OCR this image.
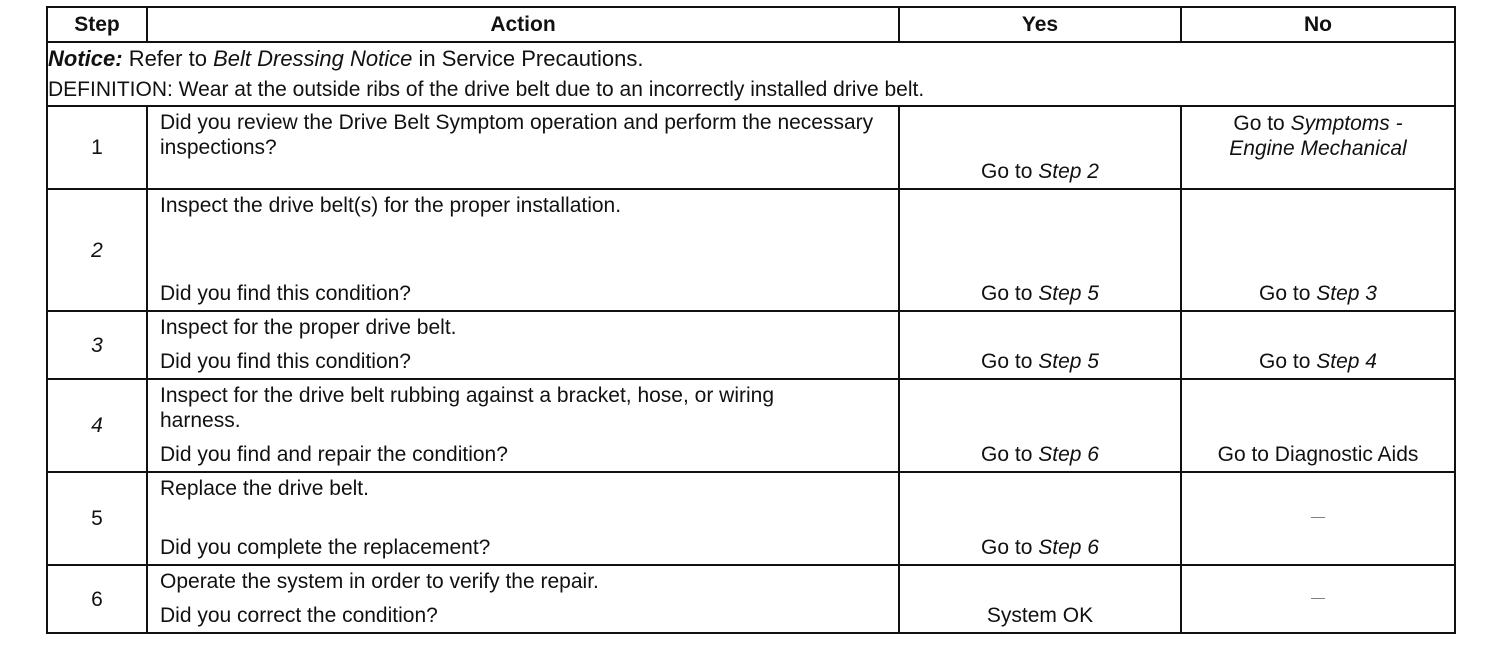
Step	Action	Yes	No

Notice: Refer to Belt Dressing Notice in Service Precautions.
DEFINITION: Wear at the outside ribs of the drive belt due to an incorrectly installed drive belt.			

1	Did you review the Drive Belt Symptom operation and perform the necessary inspections?	Go to Step 2	Go to Symptoms - Engine Mechanical

2	Inspect the drive belt(s) for the proper installation.
Did you find this condition?	Go to Step 5	Go to Step 3

3	Inspect for the proper drive belt.
Did you find this condition?	Go to Step 5	Go to Step 4

4	Inspect for the drive belt rubbing against a bracket, hose, or wiring harness.
Did you find and repair the condition?	Go to Step 6	Go to Diagnostic Aids

5	Replace the drive belt.
Did you complete the replacement?	Go to Step 6	—

6	Operate the system in order to verify the repair.
Did you correct the condition?	System OK	—
